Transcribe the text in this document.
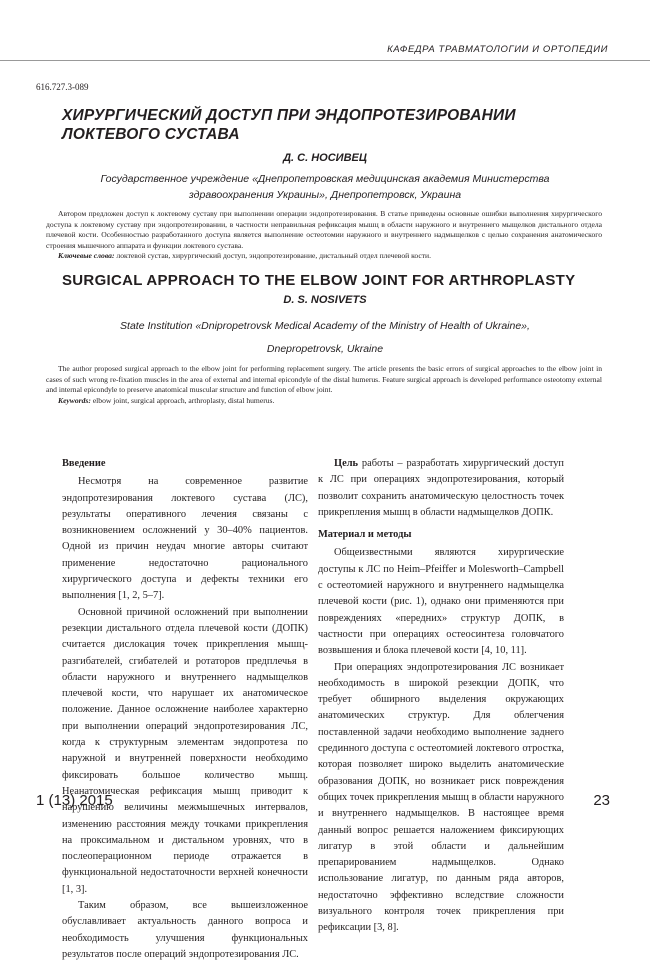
КАФЕДРА ТРАВМАТОЛОГИИ И ОРТОПЕДИИ
616.727.3-089
ХИРУРГИЧЕСКИЙ ДОСТУП ПРИ ЭНДОПРОТЕЗИРОВАНИИ ЛОКТЕВОГО СУСТАВА
Д. С. НОСИВЕЦ
Государственное учреждение «Днепропетровская медицинская академия Министерства здравоохранения Украины», Днепропетровск, Украина

Автором предложен доступ к локтевому суставу при выполнении операции эндопротезирования. В статье приведены основные ошибки выполнения хирургического доступа к локтевому суставу при эндопротезировании, в частности неправильная рефиксация мышц в области наружного и внутреннего мыщелков дистального отдела плечевой кости. Особенностью разработанного доступа является выполнение остеотомии наружного и внутреннего надмыщелков с целью сохранения анатомического строения мышечного аппарата и функции локтевого сустава.

Ключевые слова: локтевой сустав, хирургический доступ, эндопротезирование, дистальный отдел плечевой кости.

SURGICAL APPROACH TO THE ELBOW JOINT FOR ARTHROPLASTY
D. S. NOSIVETS
State Institution «Dnipropetrovsk Medical Academy of the Ministry of Health of Ukraine»,
Dnepropetrovsk, Ukraine

The author proposed surgical approach to the elbow joint for performing replacement surgery. The article presents the basic errors of surgical approaches to the elbow joint in cases of such wrong re-fixation muscles in the area of external and internal epicondyle of the distal humerus. Feature surgical approach is developed performance osteotomy external and internal epicondyle to preserve anatomical muscular structure and function of elbow joint.

Keywords: elbow joint, surgical approach, arthroplasty, distal humerus.

Введение

Несмотря на современное развитие эндопротезирования локтевого сустава (ЛС), результаты оперативного лечения связаны с возникновением осложнений у 30–40% пациентов. Одной из причин неудач многие авторы считают применение недостаточно рационального хирургического доступа и дефекты техники его выполнения [1, 2, 5–7].

Основной причиной осложнений при выполнении резекции дистального отдела плечевой кости (ДОПК) считается дислокация точек прикрепления мышц-разгибателей, сгибателей и ротаторов предплечья в области наружного и внутреннего надмыщелков плечевой кости, что нарушает их анатомическое положение. Данное осложнение наиболее характерно при выполнении операций эндопротезирования ЛС, когда к структурным элементам эндопротеза по наружной и внутренней поверхности необходимо фиксировать большое количество мышц. Неанатомическая рефиксация мышц приводит к нарушению величины межмышечных интервалов, изменению расстояния между точками прикрепления на проксимальном и дистальном уровнях, что в послеоперационном периоде отражается в функциональной недостаточности верхней конечности [1, 3].

Таким образом, все вышеизложенное обуславливает актуальность данного вопроса и необходимость улучшения функциональных результатов после операций эндопротезирования ЛС.

Цель работы – разработать хирургический доступ к ЛС при операциях эндопротезирования, который позволит сохранить анатомическую целостность точек прикрепления мышц в области надмыщелков ДОПК.

Материал и методы

Общеизвестными являются хирургические доступы к ЛС по Heim–Pfeiffer и Molesworth–Campbell с остеотомией наружного и внутреннего надмыщелка плечевой кости (рис. 1), однако они применяются при повреждениях «передних» структур ДОПК, в частности при операциях остеосинтеза головчатого возвышения и блока плечевой кости [4, 10, 11].

При операциях эндопротезирования ЛС возникает необходимость в широкой резекции ДОПК, что требует обширного выделения окружающих анатомических структур. Для облегчения поставленной задачи необходимо выполнение заднего срединного доступа с остеотомией локтевого отростка, которая позволяет широко выделить анатомические образования ДОПК, но возникает риск повреждения общих точек прикрепления мышц в области наружного и внутреннего надмыщелков. В настоящее время данный вопрос решается наложением фиксирующих лигатур в этой области и дальнейшим препарированием надмыщелков. Однако использование лигатур, по данным ряда авторов, недостаточно эффективно вследствие сложности визуального контроля точек прикрепления при рефиксации [3, 8].

1 (13) 2015	23
